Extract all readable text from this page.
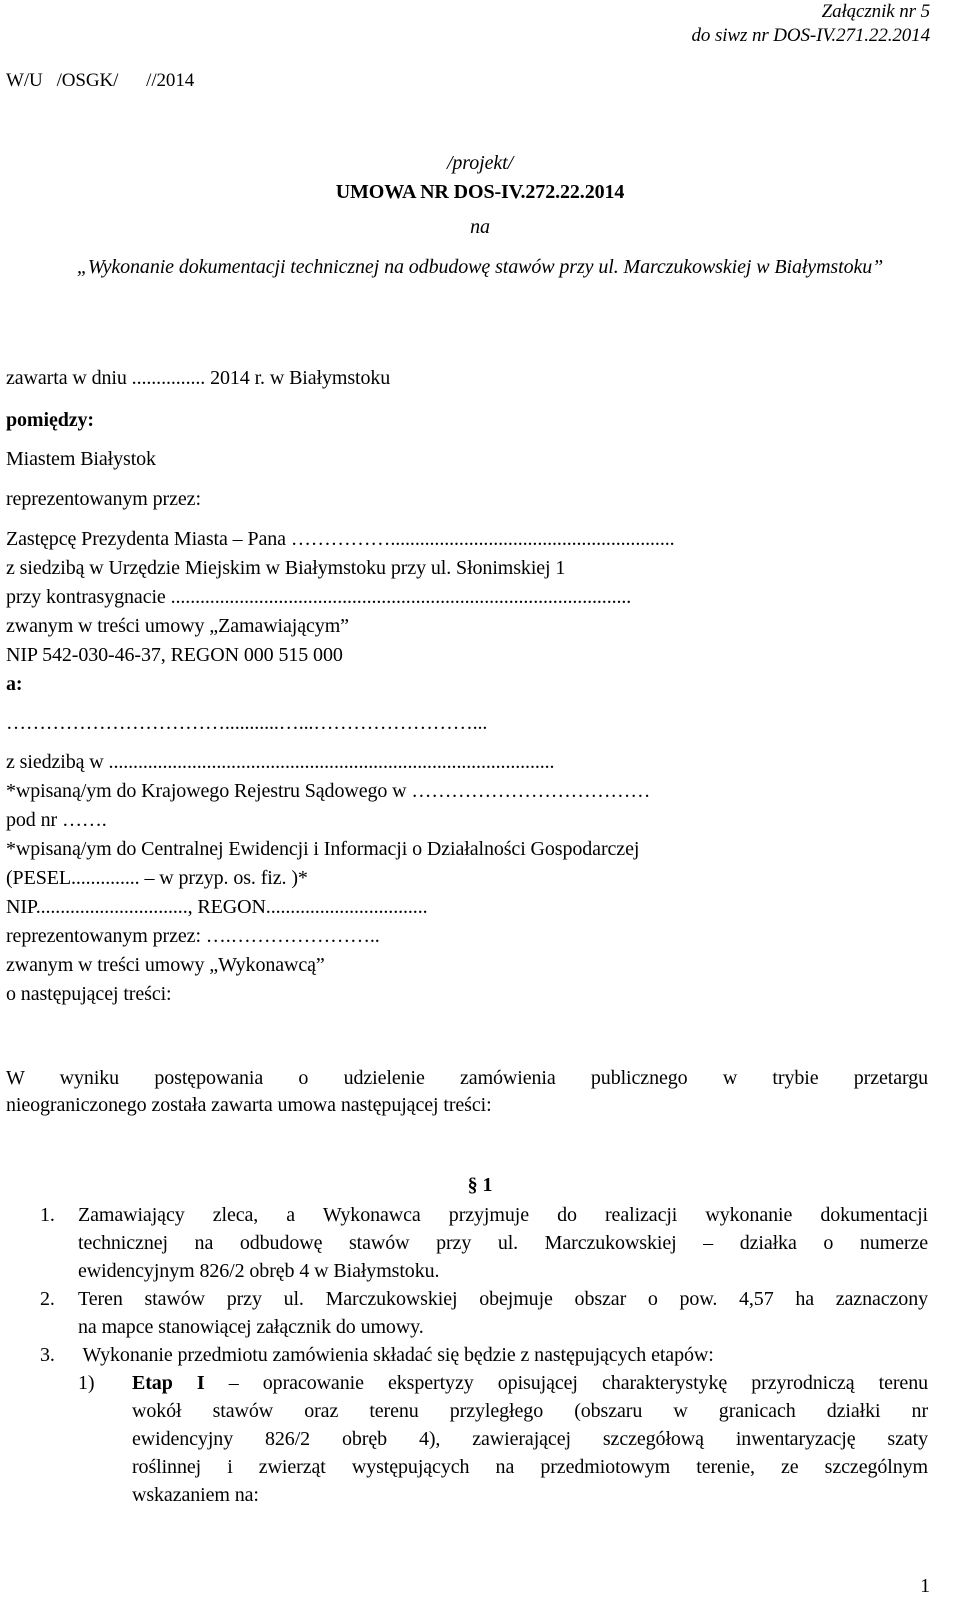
Załącznik nr 5
do siwz nr DOS-IV.271.22.2014
W/U   /OSGK/      //2014
/projekt/
UMOWA NR DOS-IV.272.22.2014
na
„Wykonanie dokumentacji technicznej na odbudowę stawów przy ul. Marczukowskiej w Białymstoku”
zawarta w dniu ............... 2014 r. w Białymstoku
pomiędzy:
Miastem Białystok
reprezentowanym przez:
Zastępcę Prezydenta Miasta – Pana ……………..........................................................
z siedzibą w Urzędzie Miejskim w Białymstoku przy ul. Słonimskiej 1
przy kontrasygnacie ..............................................................................................
zwanym w treści umowy „Zamawiającym”
NIP 542-030-46-37, REGON 000 515 000
a:
……………………………...........…...……………………...
z siedzibą w ...........................................................................................
*wpisaną/ym do Krajowego Rejestru Sądowego w ………………………………
pod nr …….
*wpisaną/ym do Centralnej Ewidencji i Informacji o Działalności Gospodarczej
(PESEL.............. – w przyp. os. fiz. )*
NIP..............................., REGON.................................
reprezentowanym przez: ….…………………..
zwanym w treści umowy „Wykonawcą”
o następującej treści:
W wyniku postępowania o udzielenie zamówienia publicznego w trybie przetargu
nieograniczonego została zawarta umowa następującej treści:
§ 1
1. Zamawiający zleca, a Wykonawca przyjmuje do realizacji wykonanie dokumentacji
technicznej na odbudowę stawów przy ul. Marczukowskiej – działka o numerze
ewidencyjnym 826/2 obręb 4 w Białymstoku.
2. Teren stawów przy ul. Marczukowskiej obejmuje obszar o pow. 4,57 ha zaznaczony
na mapce stanowiącej załącznik do umowy.
3. Wykonanie przedmiotu zamówienia składać się będzie z następujących etapów:
1) Etap I – opracowanie ekspertyzy opisującej charakterystykę przyrodniczą terenu
wokół stawów oraz terenu przyległego (obszaru w granicach działki nr
ewidencyjny 826/2 obręb 4), zawierającej szczegółową inwentaryzację szaty
roślinnej i zwierząt występujących na przedmiotowym terenie, ze szczególnym
wskazaniem na:
1
